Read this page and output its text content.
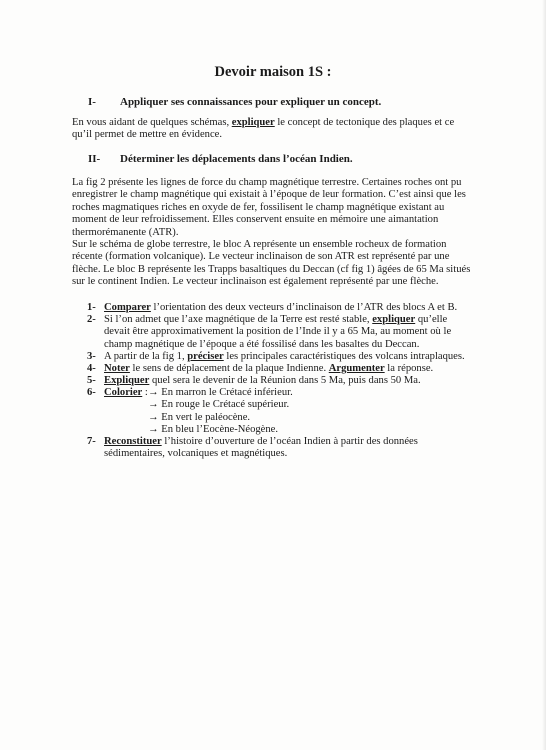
Devoir maison 1S :
I- Appliquer ses connaissances pour expliquer un concept.
En vous aidant de quelques schémas, expliquer le concept de tectonique des plaques et ce
qu’il permet de mettre en évidence.
II- Déterminer les déplacements dans l’océan Indien.
La fig 2 présente les lignes de force du champ magnétique terrestre. Certaines roches ont pu
enregistrer le champ magnétique qui existait à l’époque de leur formation. C’est ainsi que les
roches magmatiques riches en oxyde de fer, fossilisent le champ magnétique existant au
moment de leur refroidissement. Elles conservent ensuite en mémoire une aimantation
thermorémanente (ATR).
Sur le schéma de globe terrestre, le bloc A représente un ensemble rocheux de formation
récente (formation volcanique). Le vecteur inclinaison de son ATR est représenté par une
flèche. Le bloc B représente les Trapps basaltiques du Deccan (cf fig 1) âgées de 65 Ma situés
sur le continent Indien. Le vecteur inclinaison est également représenté par une flèche.
1- Comparer l’orientation des deux vecteurs d’inclinaison de l’ATR des blocs A et B.
2- Si l’on admet que l’axe magnétique de la Terre est resté stable, expliquer qu’elle
devait être approximativement la position de l’Inde il y a 65 Ma, au moment où le
champ magnétique de l’époque a été fossilisé dans les basaltes du Deccan.
3- A partir de la fig 1, préciser les principales caractéristiques des volcans intraplaques.
4- Noter le sens de déplacement de la plaque Indienne. Argumenter la réponse.
5- Expliquer quel sera le devenir de la Réunion dans 5 Ma, puis dans 50 Ma.
6- Colorier : → En marron le Crétacé inférieur.
→ En rouge le Crétacé supérieur.
→ En vert le paléocène.
→ En bleu l’Eocène-Néogène.
7- Reconstituer l’histoire d’ouverture de l’océan Indien à partir des données
sédimentaires, volcaniques et magnétiques.
